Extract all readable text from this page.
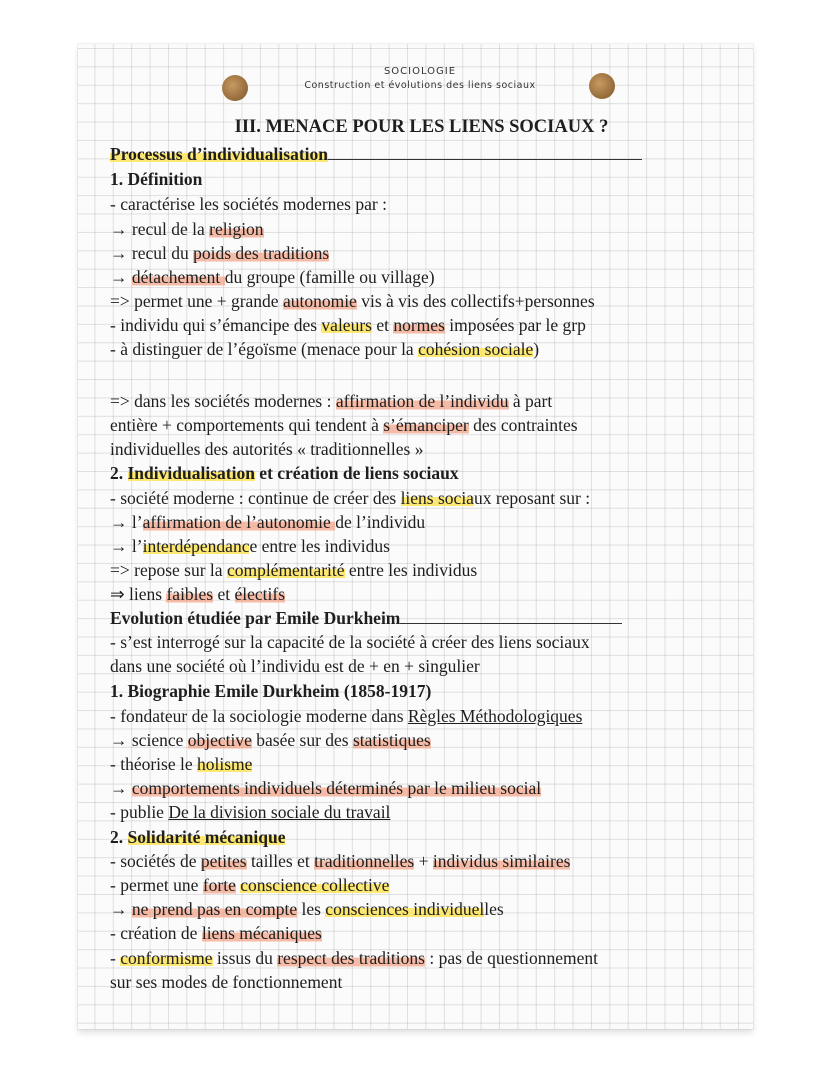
SOCIOLOGIE
Construction et évolutions des liens sociaux
III. MENACE POUR LES LIENS SOCIAUX ?
Processus d’individualisation
1. Définition
- caractérise les sociétés modernes par :
→ recul de la religion
→ recul du poids des traditions
→ détachement du groupe (famille ou village)
=> permet une + grande autonomie vis à vis des collectifs+personnes
- individu qui s’émancipe des valeurs et normes imposées par le grp
- à distinguer de l’égoïsme (menace pour la cohésion sociale)
=> dans les sociétés modernes : affirmation de l’individu à part
entière + comportements qui tendent à s’émanciper des contraintes
individuelles des autorités « traditionnelles »
2. Individualisation et création de liens sociaux
- société moderne : continue de créer des liens sociaux reposant sur :
→ l’affirmation de l’autonomie de l’individu
→ l’interdépendance entre les individus
=> repose sur la complémentarité entre les individus
⇒ liens faibles et électifs
Evolution étudiée par Emile Durkheim
- s’est interrogé sur la capacité de la société à créer des liens sociaux
dans une société où l’individu est de + en + singulier
1. Biographie Emile Durkheim (1858-1917)
- fondateur de la sociologie moderne dans Règles Méthodologiques
→ science objective basée sur des statistiques
- théorise le holisme
→ comportements individuels déterminés par le milieu social
- publie De la division sociale du travail
2. Solidarité mécanique
- sociétés de petites tailles et traditionnelles + individus similaires
- permet une forte conscience collective
→ ne prend pas en compte les consciences individuelles
- création de liens mécaniques
- conformisme issus du respect des traditions : pas de questionnement
sur ses modes de fonctionnement
